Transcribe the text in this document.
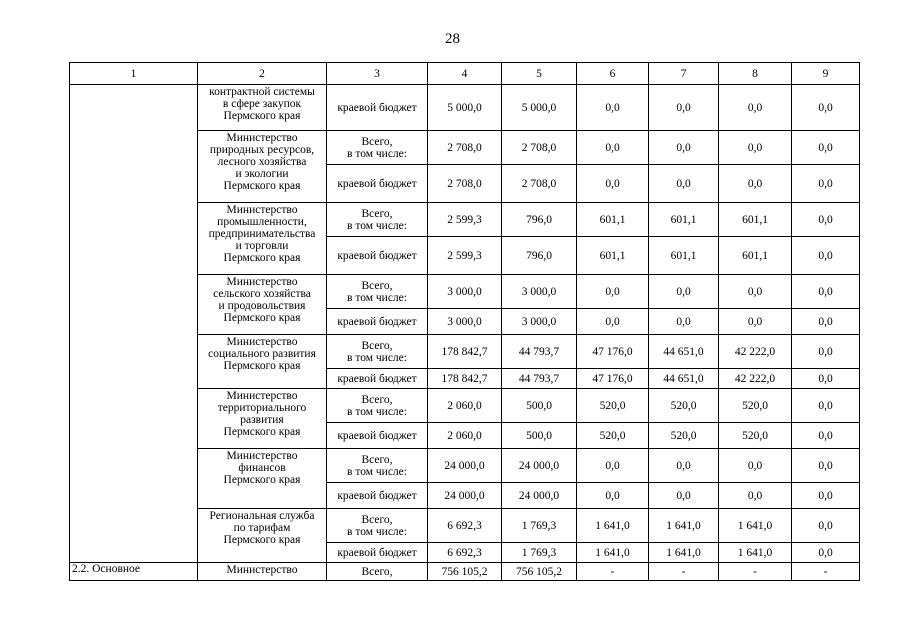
28
1	2	3	4	5	6	7	8	9
	контрактной системы
в сфере закупок
Пермского края	краевой бюджет	5 000,0	5 000,0	0,0	0,0	0,0	0,0
	Министерство
природных ресурсов,
лесного хозяйства
и экологии
Пермского края	Всего,
в том числе:	2 708,0	2 708,0	0,0	0,0	0,0	0,0
		краевой бюджет	2 708,0	2 708,0	0,0	0,0	0,0	0,0
	Министерство
промышленности,
предпринимательства
и торговли
Пермского края	Всего,
в том числе:	2 599,3	796,0	601,1	601,1	601,1	0,0
		краевой бюджет	2 599,3	796,0	601,1	601,1	601,1	0,0
	Министерство
сельского хозяйства
и продовольствия
Пермского края	Всего,
в том числе:	3 000,0	3 000,0	0,0	0,0	0,0	0,0
		краевой бюджет	3 000,0	3 000,0	0,0	0,0	0,0	0,0
	Министерство
социального развития
Пермского края	Всего,
в том числе:	178 842,7	44 793,7	47 176,0	44 651,0	42 222,0	0,0
		краевой бюджет	178 842,7	44 793,7	47 176,0	44 651,0	42 222,0	0,0
	Министерство
территориального
развития
Пермского края	Всего,
в том числе:	2 060,0	500,0	520,0	520,0	520,0	0,0
		краевой бюджет	2 060,0	500,0	520,0	520,0	520,0	0,0
	Министерство
финансов
Пермского края	Всего,
в том числе:	24 000,0	24 000,0	0,0	0,0	0,0	0,0
		краевой бюджет	24 000,0	24 000,0	0,0	0,0	0,0	0,0
	Региональная служба
по тарифам
Пермского края	Всего,
в том числе:	6 692,3	1 769,3	1 641,0	1 641,0	1 641,0	0,0
		краевой бюджет	6 692,3	1 769,3	1 641,0	1 641,0	1 641,0	0,0
2.2. Основное	Министерство	Всего,	756 105,2	756 105,2	-	-	-	-
